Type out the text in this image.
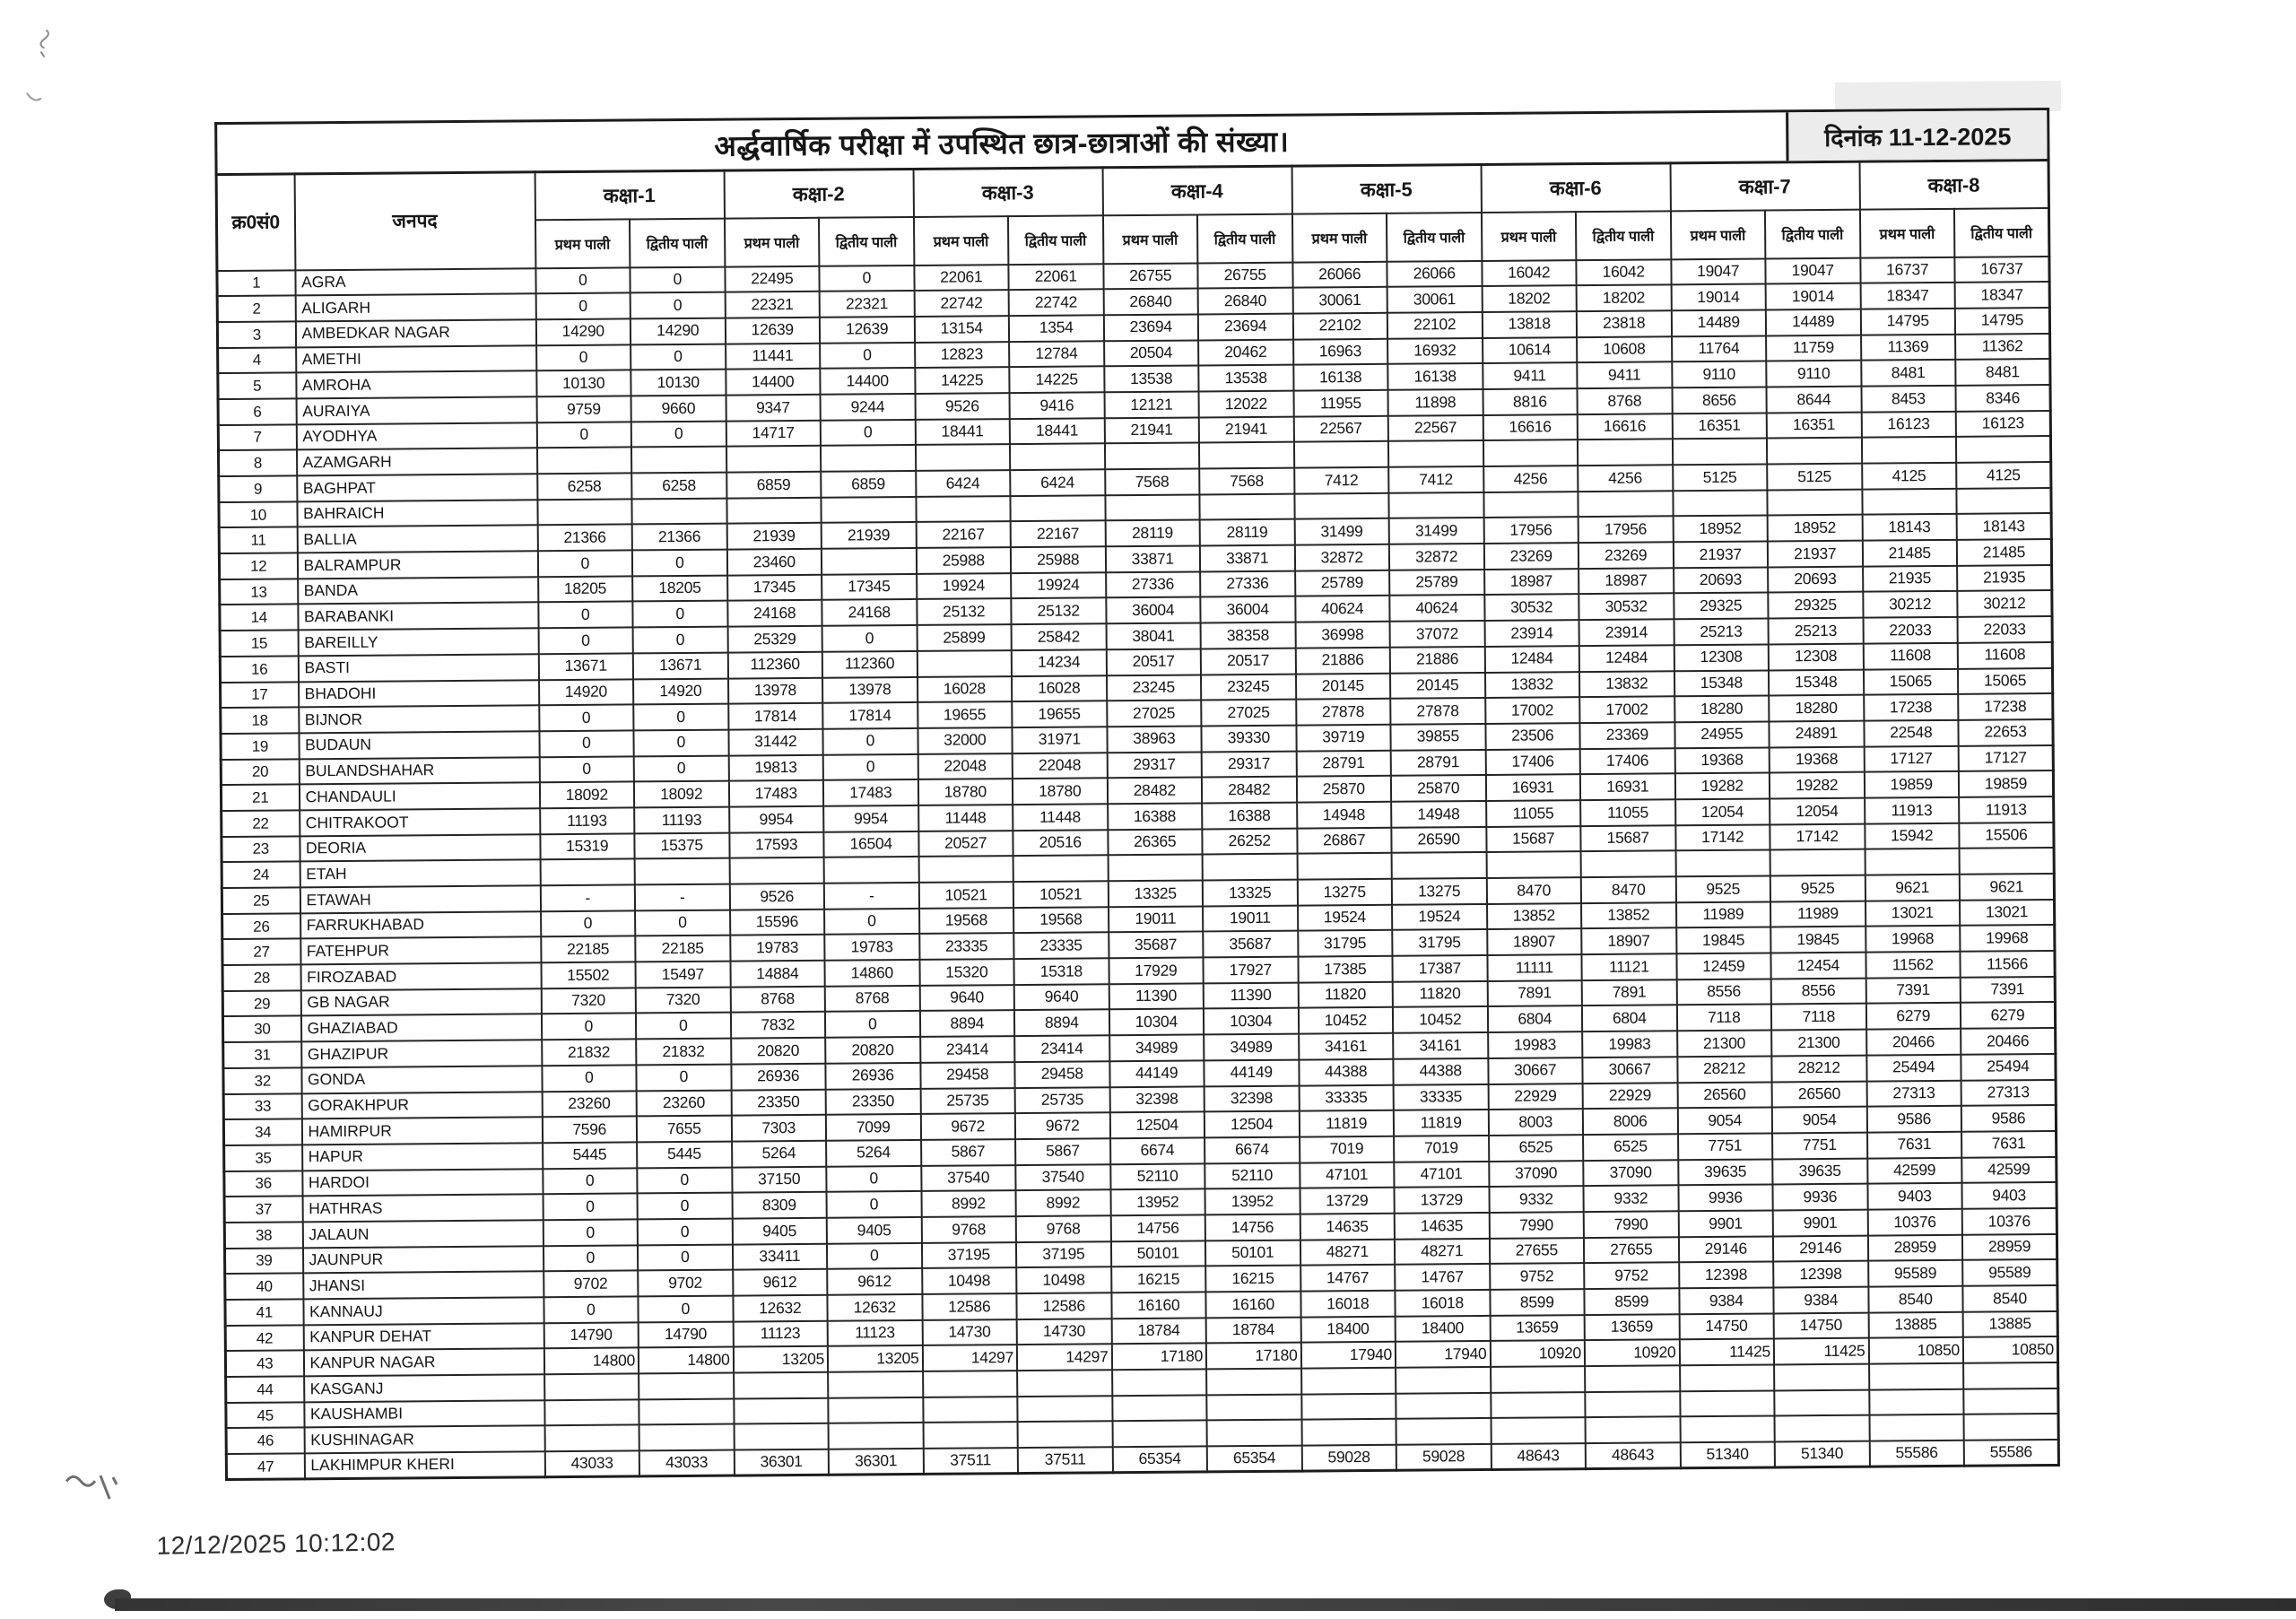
अर्द्धवार्षिक परीक्षा में उपस्थित छात्र-छात्राओं की संख्या।	दिनांक 11-12-2025
क्र0सं0	जनपद	कक्षा-1		कक्षा-2		कक्षा-3		कक्षा-4		कक्षा-5		कक्षा-6		कक्षा-7		कक्षा-8	
		प्रथम पाली	द्वितीय पाली	प्रथम पाली	द्वितीय पाली	प्रथम पाली	द्वितीय पाली	प्रथम पाली	द्वितीय पाली	प्रथम पाली	द्वितीय पाली	प्रथम पाली	द्वितीय पाली	प्रथम पाली	द्वितीय पाली	प्रथम पाली	द्वितीय पाली
1	AGRA	0	0	22495	0	22061	22061	26755	26755	26066	26066	16042	16042	19047	19047	16737	16737
2	ALIGARH	0	0	22321	22321	22742	22742	26840	26840	30061	30061	18202	18202	19014	19014	18347	18347
3	AMBEDKAR NAGAR	14290	14290	12639	12639	13154	1354	23694	23694	22102	22102	13818	23818	14489	14489	14795	14795
4	AMETHI	0	0	11441	0	12823	12784	20504	20462	16963	16932	10614	10608	11764	11759	11369	11362
5	AMROHA	10130	10130	14400	14400	14225	14225	13538	13538	16138	16138	9411	9411	9110	9110	8481	8481
6	AURAIYA	9759	9660	9347	9244	9526	9416	12121	12022	11955	11898	8816	8768	8656	8644	8453	8346
7	AYODHYA	0	0	14717	0	18441	18441	21941	21941	22567	22567	16616	16616	16351	16351	16123	16123
8	AZAMGARH																
9	BAGHPAT	6258	6258	6859	6859	6424	6424	7568	7568	7412	7412	4256	4256	5125	5125	4125	4125
10	BAHRAICH																
11	BALLIA	21366	21366	21939	21939	22167	22167	28119	28119	31499	31499	17956	17956	18952	18952	18143	18143
12	BALRAMPUR	0	0	23460		25988	25988	33871	33871	32872	32872	23269	23269	21937	21937	21485	21485
13	BANDA	18205	18205	17345	17345	19924	19924	27336	27336	25789	25789	18987	18987	20693	20693	21935	21935
14	BARABANKI	0	0	24168	24168	25132	25132	36004	36004	40624	40624	30532	30532	29325	29325	30212	30212
15	BAREILLY	0	0	25329	0	25899	25842	38041	38358	36998	37072	23914	23914	25213	25213	22033	22033
16	BASTI	13671	13671	112360	112360		14234	20517	20517	21886	21886	12484	12484	12308	12308	11608	11608
17	BHADOHI	14920	14920	13978	13978	16028	16028	23245	23245	20145	20145	13832	13832	15348	15348	15065	15065
18	BIJNOR	0	0	17814	17814	19655	19655	27025	27025	27878	27878	17002	17002	18280	18280	17238	17238
19	BUDAUN	0	0	31442	0	32000	31971	38963	39330	39719	39855	23506	23369	24955	24891	22548	22653
20	BULANDSHAHAR	0	0	19813	0	22048	22048	29317	29317	28791	28791	17406	17406	19368	19368	17127	17127
21	CHANDAULI	18092	18092	17483	17483	18780	18780	28482	28482	25870	25870	16931	16931	19282	19282	19859	19859
22	CHITRAKOOT	11193	11193	9954	9954	11448	11448	16388	16388	14948	14948	11055	11055	12054	12054	11913	11913
23	DEORIA	15319	15375	17593	16504	20527	20516	26365	26252	26867	26590	15687	15687	17142	17142	15942	15506
24	ETAH																
25	ETAWAH	-	-	9526	-	10521	10521	13325	13325	13275	13275	8470	8470	9525	9525	9621	9621
26	FARRUKHABAD	0	0	15596	0	19568	19568	19011	19011	19524	19524	13852	13852	11989	11989	13021	13021
27	FATEHPUR	22185	22185	19783	19783	23335	23335	35687	35687	31795	31795	18907	18907	19845	19845	19968	19968
28	FIROZABAD	15502	15497	14884	14860	15320	15318	17929	17927	17385	17387	11111	11121	12459	12454	11562	11566
29	GB NAGAR	7320	7320	8768	8768	9640	9640	11390	11390	11820	11820	7891	7891	8556	8556	7391	7391
30	GHAZIABAD	0	0	7832	0	8894	8894	10304	10304	10452	10452	6804	6804	7118	7118	6279	6279
31	GHAZIPUR	21832	21832	20820	20820	23414	23414	34989	34989	34161	34161	19983	19983	21300	21300	20466	20466
32	GONDA	0	0	26936	26936	29458	29458	44149	44149	44388	44388	30667	30667	28212	28212	25494	25494
33	GORAKHPUR	23260	23260	23350	23350	25735	25735	32398	32398	33335	33335	22929	22929	26560	26560	27313	27313
34	HAMIRPUR	7596	7655	7303	7099	9672	9672	12504	12504	11819	11819	8003	8006	9054	9054	9586	9586
35	HAPUR	5445	5445	5264	5264	5867	5867	6674	6674	7019	7019	6525	6525	7751	7751	7631	7631
36	HARDOI	0	0	37150	0	37540	37540	52110	52110	47101	47101	37090	37090	39635	39635	42599	42599
37	HATHRAS	0	0	8309	0	8992	8992	13952	13952	13729	13729	9332	9332	9936	9936	9403	9403
38	JALAUN	0	0	9405	9405	9768	9768	14756	14756	14635	14635	7990	7990	9901	9901	10376	10376
39	JAUNPUR	0	0	33411	0	37195	37195	50101	50101	48271	48271	27655	27655	29146	29146	28959	28959
40	JHANSI	9702	9702	9612	9612	10498	10498	16215	16215	14767	14767	9752	9752	12398	12398	95589	95589
41	KANNAUJ	0	0	12632	12632	12586	12586	16160	16160	16018	16018	8599	8599	9384	9384	8540	8540
42	KANPUR DEHAT	14790	14790	11123	11123	14730	14730	18784	18784	18400	18400	13659	13659	14750	14750	13885	13885
43	KANPUR NAGAR	14800	14800	13205	13205	14297	14297	17180	17180	17940	17940	10920	10920	11425	11425	10850	10850
44	KASGANJ																
45	KAUSHAMBI																
46	KUSHINAGAR																
47	LAKHIMPUR KHERI	43033	43033	36301	36301	37511	37511	65354	65354	59028	59028	48643	48643	51340	51340	55586	55586
12/12/2025 10:12:02
